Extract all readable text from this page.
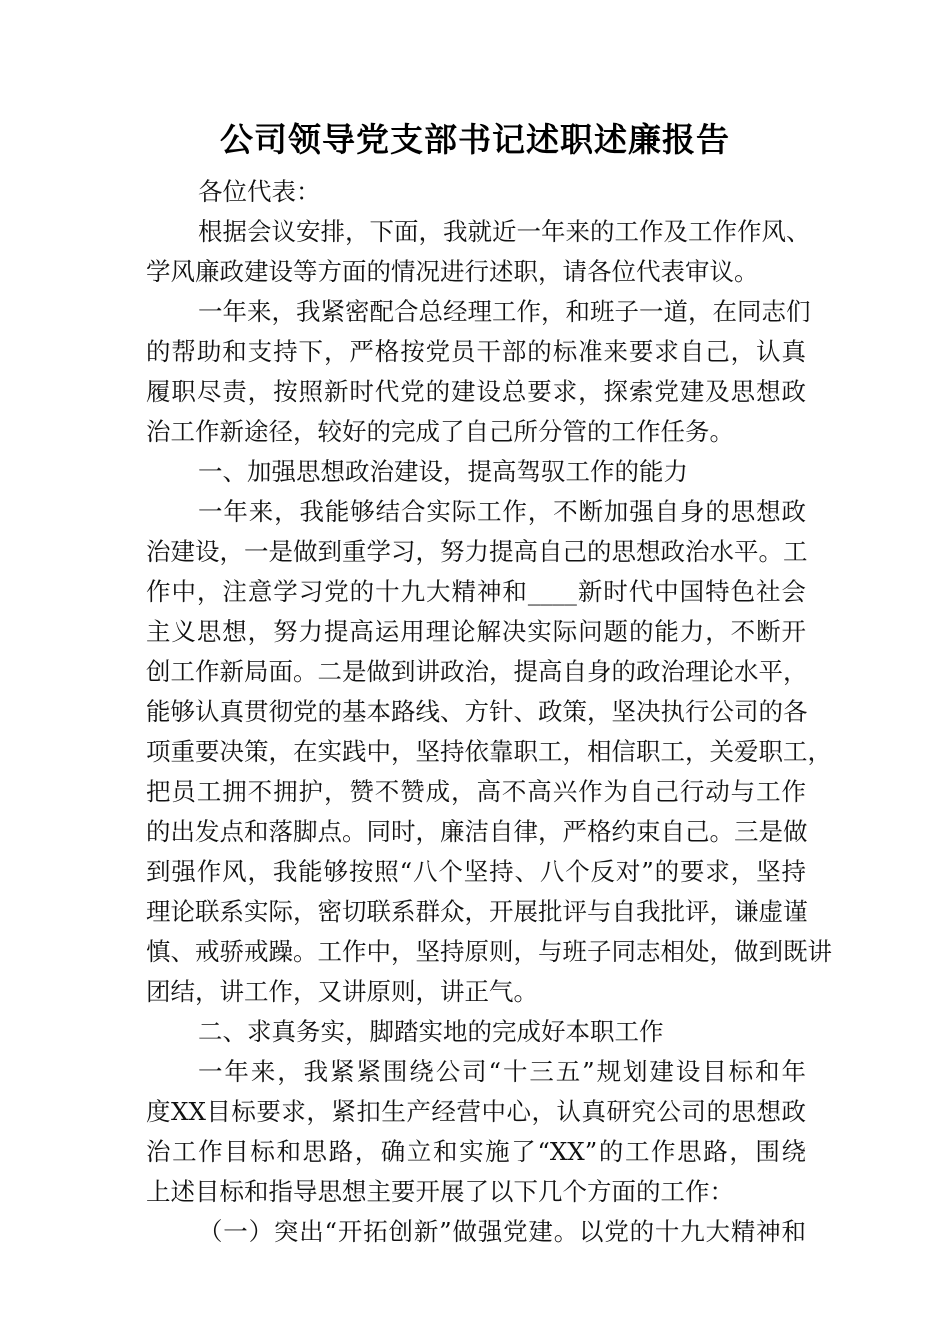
公司领导党支部书记述职述廉报告
各位代表：
根据会议安排，下面，我就近一年来的工作及工作作风、
学风廉政建设等方面的情况进行述职，请各位代表审议。
一年来，我紧密配合总经理工作，和班子一道，在同志们
的帮助和支持下，严格按党员干部的标准来要求自己，认真
履职尽责，按照新时代党的建设总要求，探索党建及思想政
治工作新途径，较好的完成了自己所分管的工作任务。
一、加强思想政治建设，提高驾驭工作的能力
一年来，我能够结合实际工作，不断加强自身的思想政
治建设，一是做到重学习，努力提高自己的思想政治水平。工
作中，注意学习党的十九大精神和____新时代中国特色社会
主义思想，努力提高运用理论解决实际问题的能力，不断开
创工作新局面。二是做到讲政治，提高自身的政治理论水平，
能够认真贯彻党的基本路线、方针、政策，坚决执行公司的各
项重要决策，在实践中，坚持依靠职工，相信职工，关爱职工，
把员工拥不拥护，赞不赞成，高不高兴作为自己行动与工作
的出发点和落脚点。同时，廉洁自律，严格约束自己。三是做
到强作风，我能够按照“八个坚持、八个反对”的要求，坚持
理论联系实际，密切联系群众，开展批评与自我批评，谦虚谨
慎、戒骄戒躁。工作中，坚持原则，与班子同志相处，做到既讲
团结，讲工作，又讲原则，讲正气。
二、求真务实，脚踏实地的完成好本职工作
一年来，我紧紧围绕公司“十三五”规划建设目标和年
度XX目标要求，紧扣生产经营中心，认真研究公司的思想政
治工作目标和思路，确立和实施了“XX”的工作思路，围绕
上述目标和指导思想主要开展了以下几个方面的工作：
（一）突出“开拓创新”做强党建。以党的十九大精神和
